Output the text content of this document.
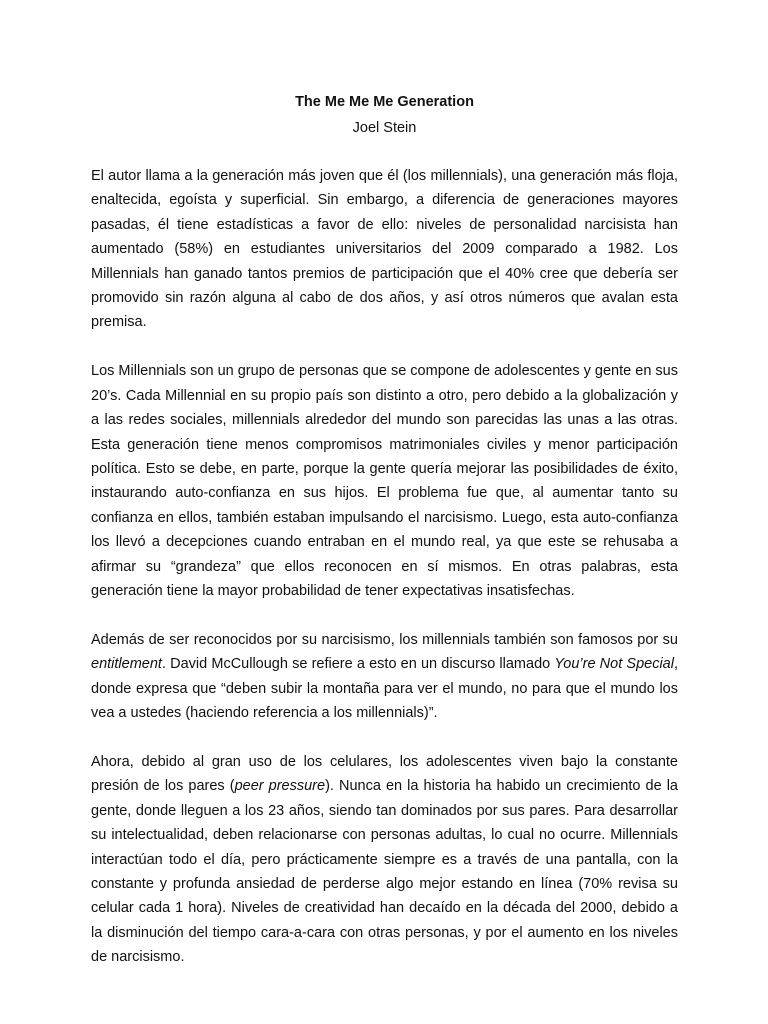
The Me Me Me Generation

Joel Stein

El autor llama a la generación más joven que él (los millennials), una generación más floja, enaltecida, egoísta y superficial. Sin embargo, a diferencia de generaciones mayores pasadas, él tiene estadísticas a favor de ello: niveles de personalidad narcisista han aumentado (58%) en estudiantes universitarios del 2009 comparado a 1982. Los Millennials han ganado tantos premios de participación que el 40% cree que debería ser promovido sin razón alguna al cabo de dos años, y así otros números que avalan esta premisa.

Los Millennials son un grupo de personas que se compone de adolescentes y gente en sus 20’s. Cada Millennial en su propio país son distinto a otro, pero debido a la globalización y a las redes sociales, millennials alrededor del mundo son parecidas las unas a las otras. Esta generación tiene menos compromisos matrimoniales civiles y menor participación política. Esto se debe, en parte, porque la gente quería mejorar las posibilidades de éxito, instaurando auto-confianza en sus hijos. El problema fue que, al aumentar tanto su confianza en ellos, también estaban impulsando el narcisismo. Luego, esta auto-confianza los llevó a decepciones cuando entraban en el mundo real, ya que este se rehusaba a afirmar su “grandeza” que ellos reconocen en sí mismos. En otras palabras, esta generación tiene la mayor probabilidad de tener expectativas insatisfechas.

Además de ser reconocidos por su narcisismo, los millennials también son famosos por su entitlement. David McCullough se refiere a esto en un discurso llamado You’re Not Special, donde expresa que “deben subir la montaña para ver el mundo, no para que el mundo los vea a ustedes (haciendo referencia a los millennials)”.

Ahora, debido al gran uso de los celulares, los adolescentes viven bajo la constante presión de los pares (peer pressure). Nunca en la historia ha habido un crecimiento de la gente, donde lleguen a los 23 años, siendo tan dominados por sus pares. Para desarrollar su intelectualidad, deben relacionarse con personas adultas, lo cual no ocurre. Millennials interactúan todo el día, pero prácticamente siempre es a través de una pantalla, con la constante y profunda ansiedad de perderse algo mejor estando en línea (70% revisa su celular cada 1 hora). Niveles de creatividad han decaído en la década del 2000, debido a la disminución del tiempo cara-a-cara con otras personas, y por el aumento en los niveles de narcisismo.
